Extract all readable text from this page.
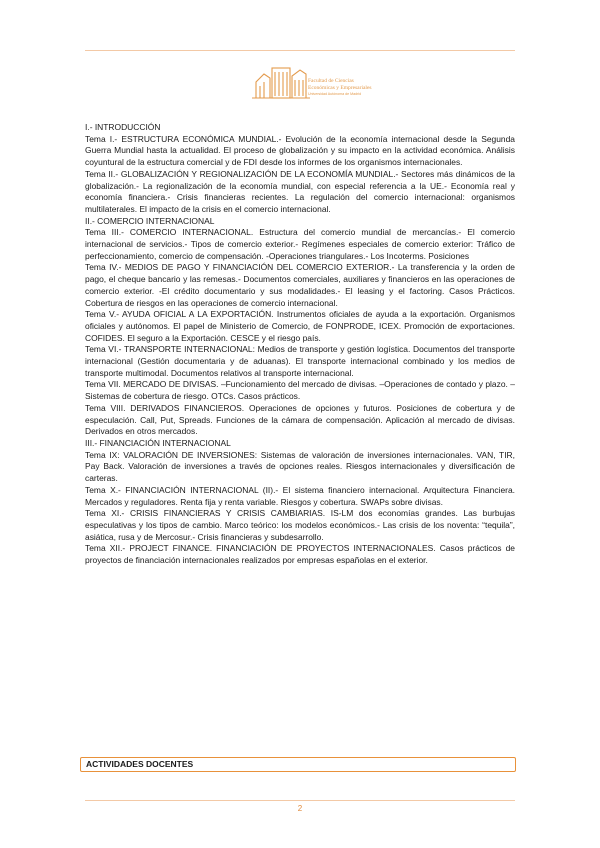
Facultad de Ciencias
Económicas y Empresariales
Universidad Autónoma de Madrid

I.- INTRODUCCIÓN

Tema I.- ESTRUCTURA ECONÓMICA MUNDIAL.- Evolución de la economía internacional desde la Segunda Guerra Mundial hasta la actualidad. El proceso de globalización y su impacto en la actividad económica. Análisis coyuntural de la estructura comercial y de FDI desde los informes de los organismos internacionales.

Tema II.- GLOBALIZACIÓN Y REGIONALIZACIÓN DE LA ECONOMÍA MUNDIAL.- Sectores más dinámicos de la globalización.- La regionalización de la economía mundial, con especial referencia a la UE.- Economía real y economía financiera.- Crisis financieras recientes. La regulación del comercio internacional: organismos multilaterales. El impacto de la crisis en el comercio internacional.

II.- COMERCIO INTERNACIONAL

Tema III.- COMERCIO INTERNACIONAL. Estructura del comercio mundial de mercancías.- El comercio internacional de servicios.- Tipos de comercio exterior.- Regímenes especiales de comercio exterior: Tráfico de perfeccionamiento, comercio de compensación. -Operaciones triangulares.- Los Incoterms. Posiciones

Tema IV.- MEDIOS DE PAGO Y FINANCIACIÓN DEL COMERCIO EXTERIOR.- La transferencia y la orden de pago, el cheque bancario y las remesas.- Documentos comerciales, auxiliares y financieros en las operaciones de comercio exterior. -El crédito documentario y sus modalidades.- El leasing y el factoring. Casos Prácticos. Cobertura de riesgos en las operaciones de comercio internacional.

Tema V.- AYUDA OFICIAL A LA EXPORTACIÓN. Instrumentos oficiales de ayuda a la exportación. Organismos oficiales y autónomos. El papel de Ministerio de Comercio, de FONPRODE, ICEX. Promoción de exportaciones. COFIDES. El seguro a la Exportación. CESCE y el riesgo país.

Tema VI.- TRANSPORTE INTERNACIONAL: Medios de transporte y gestión logística. Documentos del transporte internacional (Gestión documentaria y de aduanas). El transporte internacional combinado y los medios de transporte multimodal. Documentos relativos al transporte internacional.

Tema VII. MERCADO DE DIVISAS. –Funcionamiento del mercado de divisas. –Operaciones de contado y plazo. –Sistemas de cobertura de riesgo. OTCs. Casos prácticos.

Tema VIII. DERIVADOS FINANCIEROS. Operaciones de opciones y futuros. Posiciones de cobertura y de especulación. Call, Put, Spreads. Funciones de la cámara de compensación. Aplicación al mercado de divisas. Derivados en otros mercados.

III.- FINANCIACIÓN INTERNACIONAL

Tema IX: VALORACIÓN DE INVERSIONES: Sistemas de valoración de inversiones internacionales. VAN, TIR, Pay Back. Valoración de inversiones a través de opciones reales. Riesgos internacionales y diversificación de carteras.

Tema X.- FINANCIACIÓN INTERNACIONAL (II).- El sistema financiero internacional. Arquitectura Financiera. Mercados y reguladores. Renta fija y renta variable. Riesgos y cobertura. SWAPs sobre divisas.

Tema XI.- CRISIS FINANCIERAS Y CRISIS CAMBIARIAS. IS-LM dos economías grandes. Las burbujas especulativas y los tipos de cambio. Marco teórico: los modelos económicos.- Las crisis de los noventa: “tequila”, asiática, rusa y de Mercosur.- Crisis financieras y subdesarrollo.

Tema XII.- PROJECT FINANCE. FINANCIACIÓN DE PROYECTOS INTERNACIONALES. Casos prácticos de proyectos de financiación internacionales realizados por empresas españolas en el exterior.

ACTIVIDADES DOCENTES
2
